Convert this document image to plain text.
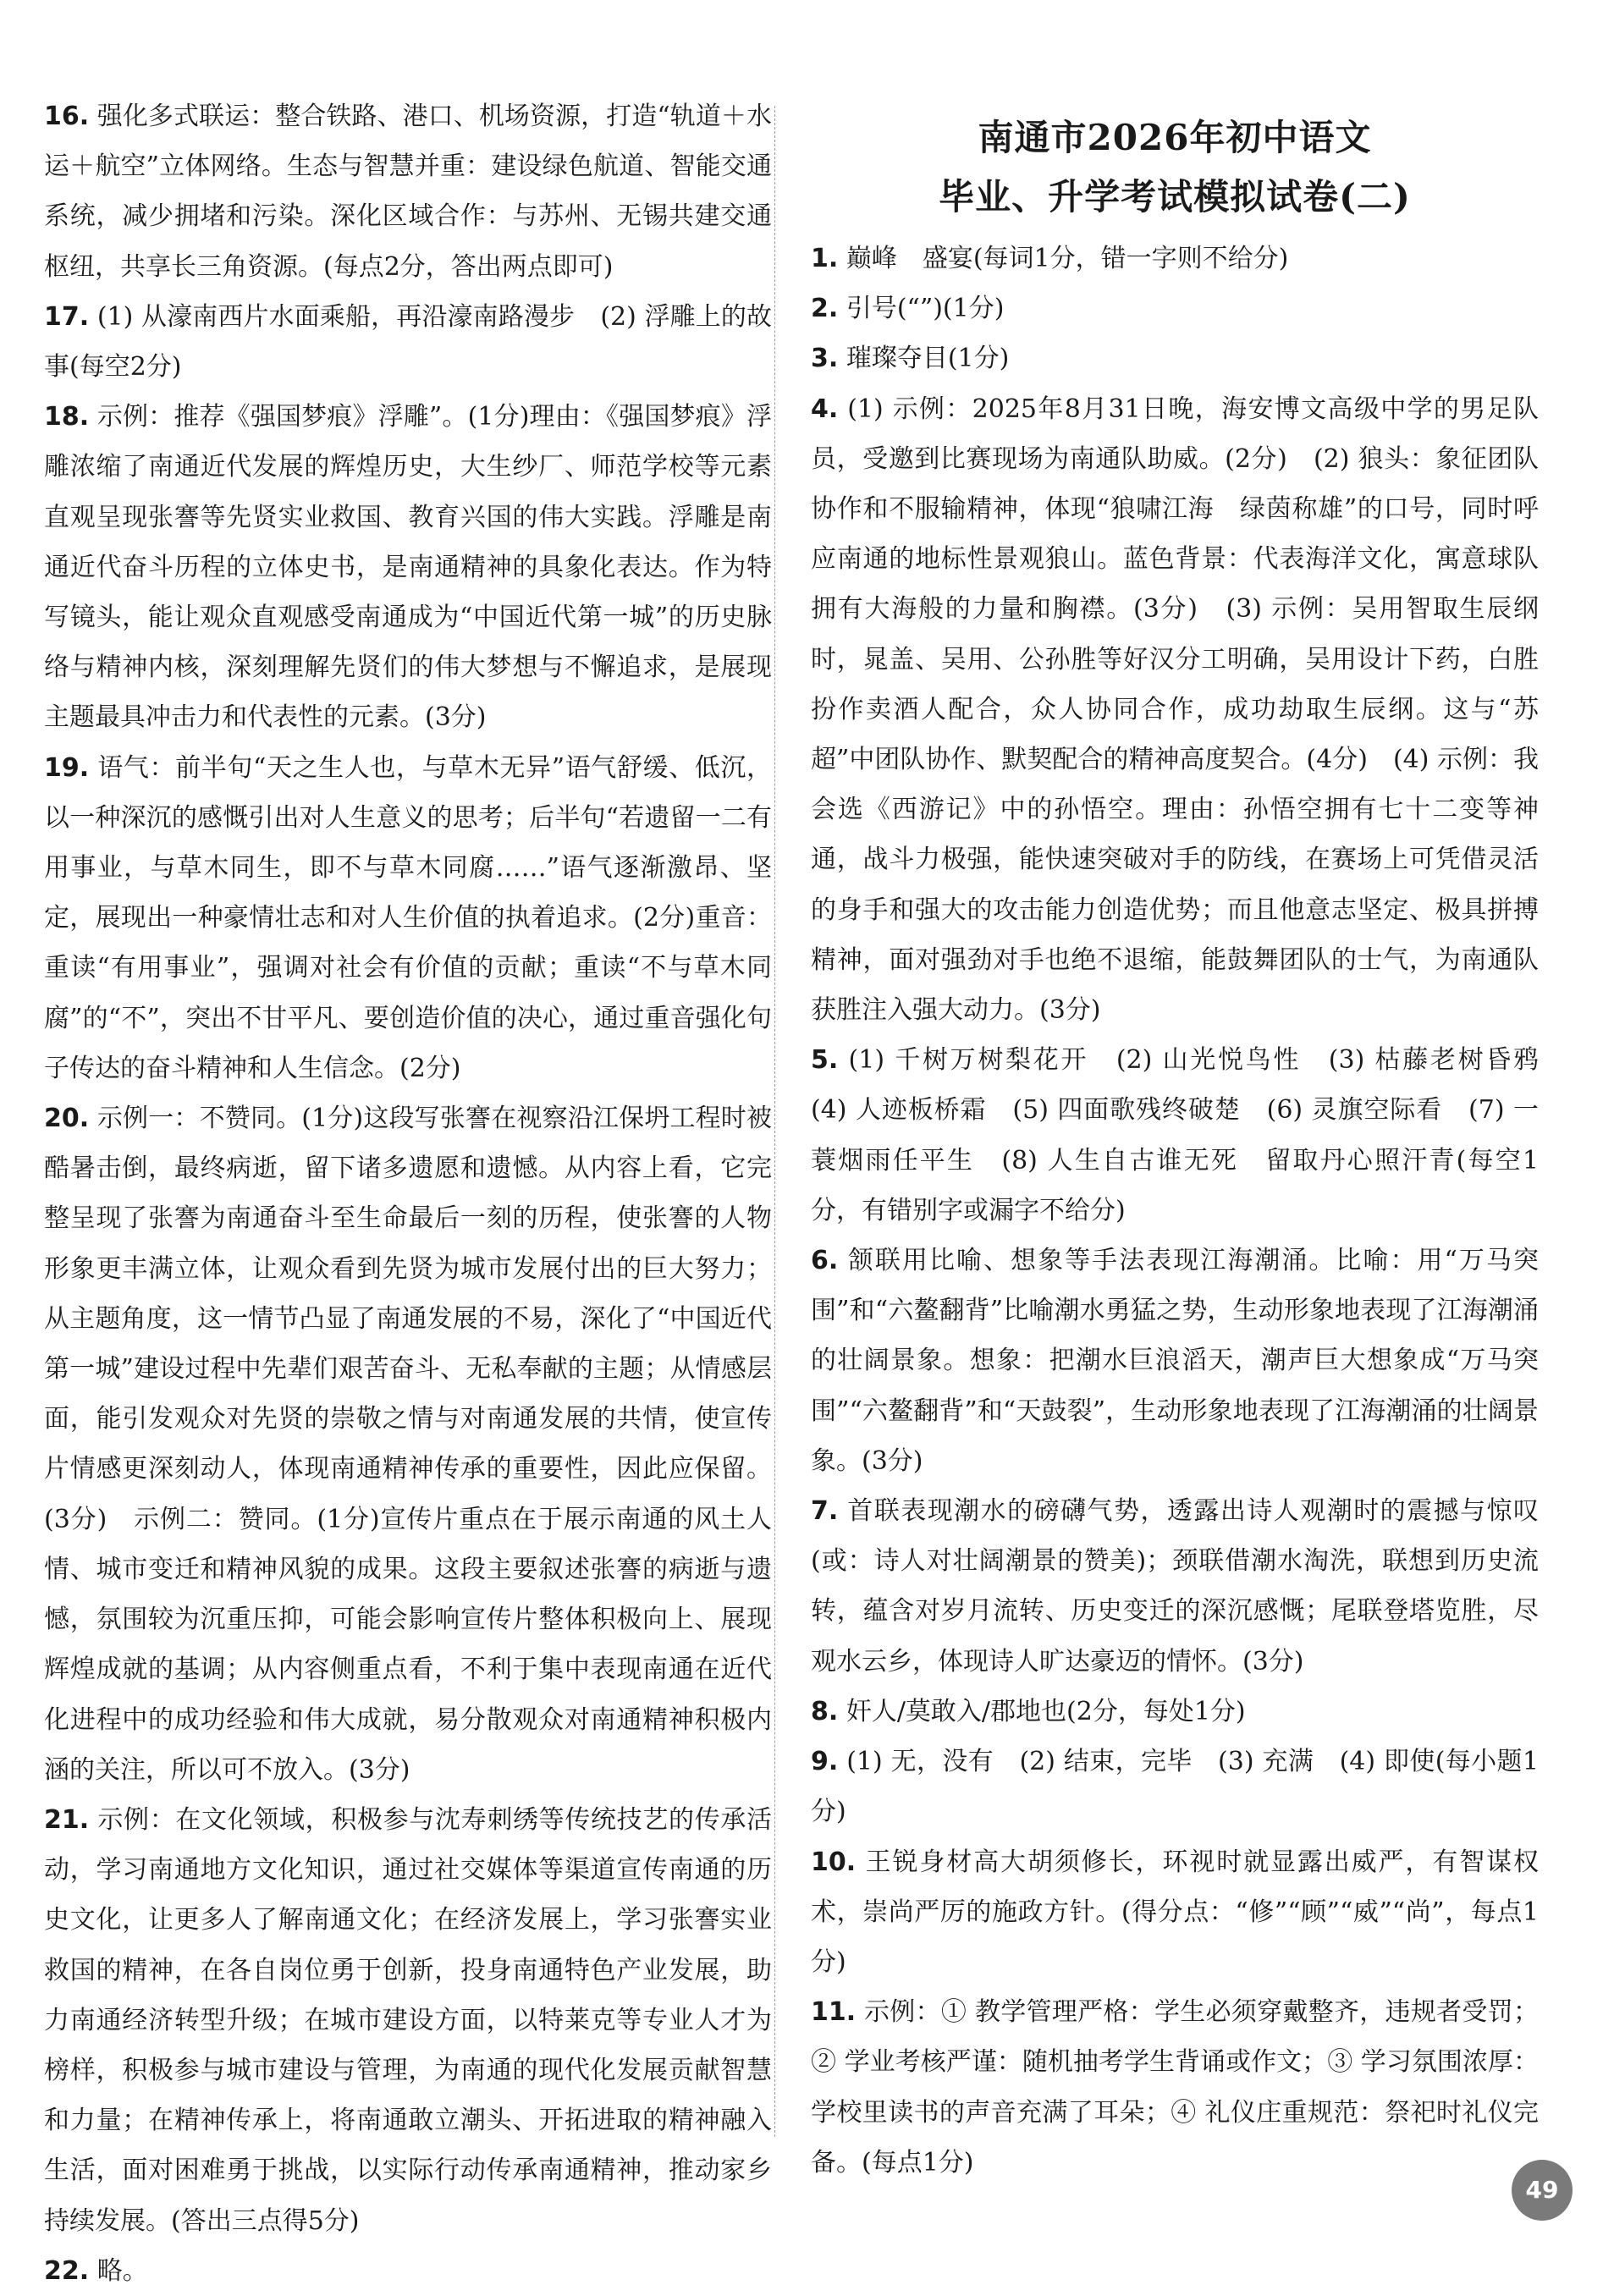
16. 强化多式联运：整合铁路、港口、机场资源，打造“轨道＋水运＋航空”立体网络。生态与智慧并重：建设绿色航道、智能交通系统，减少拥堵和污染。深化区域合作：与苏州、无锡共建交通枢纽，共享长三角资源。(每点2分，答出两点即可)

17. (1) 从濠南西片水面乘船，再沿濠南路漫步　(2) 浮雕上的故事(每空2分)

18. 示例：推荐《强国梦痕》浮雕”。(1分)理由：《强国梦痕》浮雕浓缩了南通近代发展的辉煌历史，大生纱厂、师范学校等元素直观呈现张謇等先贤实业救国、教育兴国的伟大实践。浮雕是南通近代奋斗历程的立体史书，是南通精神的具象化表达。作为特写镜头，能让观众直观感受南通成为“中国近代第一城”的历史脉络与精神内核，深刻理解先贤们的伟大梦想与不懈追求，是展现主题最具冲击力和代表性的元素。(3分)

19. 语气：前半句“天之生人也，与草木无异”语气舒缓、低沉，以一种深沉的感慨引出对人生意义的思考；后半句“若遗留一二有用事业，与草木同生，即不与草木同腐……”语气逐渐激昂、坚定，展现出一种豪情壮志和对人生价值的执着追求。(2分)重音：重读“有用事业”，强调对社会有价值的贡献；重读“不与草木同腐”的“不”，突出不甘平凡、要创造价值的决心，通过重音强化句子传达的奋斗精神和人生信念。(2分)

20. 示例一：不赞同。(1分)这段写张謇在视察沿江保坍工程时被酷暑击倒，最终病逝，留下诸多遗愿和遗憾。从内容上看，它完整呈现了张謇为南通奋斗至生命最后一刻的历程，使张謇的人物形象更丰满立体，让观众看到先贤为城市发展付出的巨大努力；从主题角度，这一情节凸显了南通发展的不易，深化了“中国近代第一城”建设过程中先辈们艰苦奋斗、无私奉献的主题；从情感层面，能引发观众对先贤的崇敬之情与对南通发展的共情，使宣传片情感更深刻动人，体现南通精神传承的重要性，因此应保留。(3分)　示例二：赞同。(1分)宣传片重点在于展示南通的风土人情、城市变迁和精神风貌的成果。这段主要叙述张謇的病逝与遗憾，氛围较为沉重压抑，可能会影响宣传片整体积极向上、展现辉煌成就的基调；从内容侧重点看，不利于集中表现南通在近代化进程中的成功经验和伟大成就，易分散观众对南通精神积极内涵的关注，所以可不放入。(3分)

21. 示例：在文化领域，积极参与沈寿刺绣等传统技艺的传承活动，学习南通地方文化知识，通过社交媒体等渠道宣传南通的历史文化，让更多人了解南通文化；在经济发展上，学习张謇实业救国的精神，在各自岗位勇于创新，投身南通特色产业发展，助力南通经济转型升级；在城市建设方面，以特莱克等专业人才为榜样，积极参与城市建设与管理，为南通的现代化发展贡献智慧和力量；在精神传承上，将南通敢立潮头、开拓进取的精神融入生活，面对困难勇于挑战，以实际行动传承南通精神，推动家乡持续发展。(答出三点得5分)

22. 略。

南通市2026年初中语文
毕业、升学考试模拟试卷(二)

1. 巅峰　盛宴(每词1分，错一字则不给分)

2. 引号(“”)(1分)

3. 璀璨夺目(1分)

4. (1) 示例：2025年8月31日晚，海安博文高级中学的男足队员，受邀到比赛现场为南通队助威。(2分)　(2) 狼头：象征团队协作和不服输精神，体现“狼啸江海　绿茵称雄”的口号，同时呼应南通的地标性景观狼山。蓝色背景：代表海洋文化，寓意球队拥有大海般的力量和胸襟。(3分)　(3) 示例：吴用智取生辰纲时，晁盖、吴用、公孙胜等好汉分工明确，吴用设计下药，白胜扮作卖酒人配合，众人协同合作，成功劫取生辰纲。这与“苏超”中团队协作、默契配合的精神高度契合。(4分)　(4) 示例：我会选《西游记》中的孙悟空。理由：孙悟空拥有七十二变等神通，战斗力极强，能快速突破对手的防线，在赛场上可凭借灵活的身手和强大的攻击能力创造优势；而且他意志坚定、极具拼搏精神，面对强劲对手也绝不退缩，能鼓舞团队的士气，为南通队获胜注入强大动力。(3分)

5. (1) 千树万树梨花开　(2) 山光悦鸟性　(3) 枯藤老树昏鸦　(4) 人迹板桥霜　(5) 四面歌残终破楚　(6) 灵旗空际看　(7) 一蓑烟雨任平生　(8) 人生自古谁无死　留取丹心照汗青(每空1分，有错别字或漏字不给分)

6. 颔联用比喻、想象等手法表现江海潮涌。比喻：用“万马突围”和“六鳌翻背”比喻潮水勇猛之势，生动形象地表现了江海潮涌的壮阔景象。想象：把潮水巨浪滔天，潮声巨大想象成“万马突围”“六鳌翻背”和“天鼓裂”，生动形象地表现了江海潮涌的壮阔景象。(3分)

7. 首联表现潮水的磅礴气势，透露出诗人观潮时的震撼与惊叹(或：诗人对壮阔潮景的赞美)；颈联借潮水淘洗，联想到历史流转，蕴含对岁月流转、历史变迁的深沉感慨；尾联登塔览胜，尽观水云乡，体现诗人旷达豪迈的情怀。(3分)

8. 奸人/莫敢入/郡地也(2分，每处1分)

9. (1) 无，没有　(2) 结束，完毕　(3) 充满　(4) 即使(每小题1分)

10. 王锐身材高大胡须修长，环视时就显露出威严，有智谋权术，崇尚严厉的施政方针。(得分点：“修”“顾”“威”“尚”，每点1分)

11. 示例：① 教学管理严格：学生必须穿戴整齐，违规者受罚；② 学业考核严谨：随机抽考学生背诵或作文；③ 学习氛围浓厚：学校里读书的声音充满了耳朵；④ 礼仪庄重规范：祭祀时礼仪完备。(每点1分)

49
